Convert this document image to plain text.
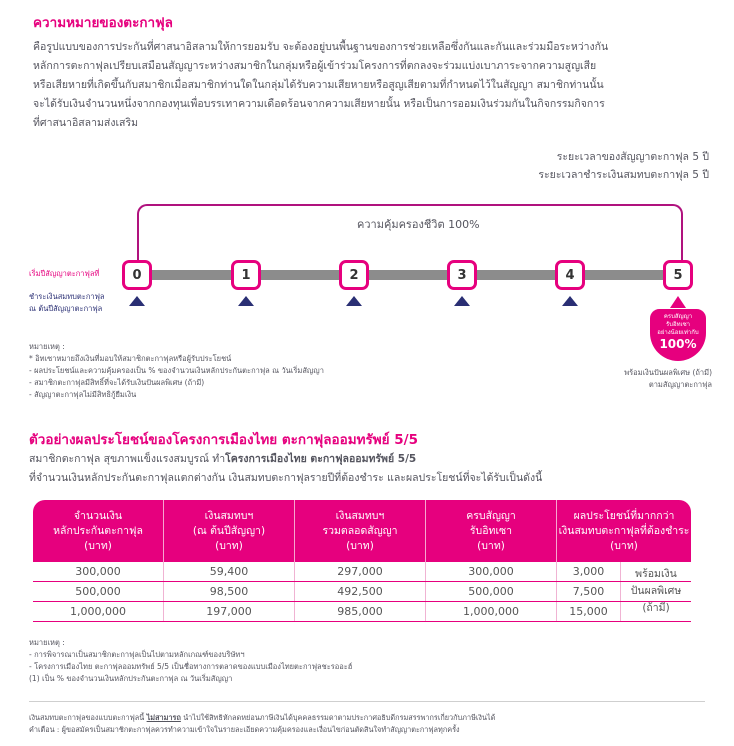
ความหมายของตะกาฟุล
คือรูปแบบของการประกันที่ศาสนาอิสลามให้การยอมรับ จะต้องอยู่บนพื้นฐานของการช่วยเหลือซึ่งกันและกันและร่วมมือระหว่างกัน
หลักการตะกาฟุลเปรียบเสมือนสัญญาระหว่างสมาชิกในกลุ่มหรือผู้เข้าร่วมโครงการที่ตกลงจะร่วมแบ่งเบาภาระจากความสูญเสีย
หรือเสียหายที่เกิดขึ้นกับสมาชิกเมื่อสมาชิกท่านใดในกลุ่มได้รับความเสียหายหรือสูญเสียตามที่กำหนดไว้ในสัญญา สมาชิกท่านนั้น
จะได้รับเงินจำนวนหนึ่งจากกองทุนเพื่อบรรเทาความเดือดร้อนจากความเสียหายนั้น หรือเป็นการออมเงินร่วมกันในกิจกรรมกิจการ
ที่ศาสนาอิสลามส่งเสริม
ระยะเวลาของสัญญาตะกาฟุล 5 ปี
ระยะเวลาชำระเงินสมทบตะกาฟุล 5 ปี
ความคุ้มครองชีวิต 100%
เริ่มปีสัญญาตะกาฟุลที่
ชำระเงินสมทบตะกาฟุล
ณ ต้นปีสัญญาตะกาฟุล
0	1	2	3	4	5
ครบสัญญา
รับอิทเซา
อย่างน้อยเท่ากับ
100%
พร้อมเงินปันผลพิเศษ (ถ้ามี)
ตามสัญญาตะกาฟุล
หมายเหตุ :
* อิทเซาหมายถึงเงินที่มอบให้สมาชิกตะกาฟุลหรือผู้รับประโยชน์
- ผลประโยชน์และความคุ้มครองเป็น % ของจำนวนเงินหลักประกันตะกาฟุล ณ วันเริ่มสัญญา
- สมาชิกตะกาฟุลมีสิทธิ์ที่จะได้รับเงินปันผลพิเศษ (ถ้ามี)
- สัญญาตะกาฟุลไม่มีสิทธิกู้ยืมเงิน
ตัวอย่างผลประโยชน์ของโครงการเมืองไทย ตะกาฟุลออมทรัพย์ 5/5
สมาชิกตะกาฟุล สุขภาพแข็งแรงสมบูรณ์ ทำโครงการเมืองไทย ตะกาฟุลออมทรัพย์ 5/5
ที่จำนวนเงินหลักประกันตะกาฟุลแตกต่างกัน เงินสมทบตะกาฟุลรายปีที่ต้องชำระ และผลประโยชน์ที่จะได้รับเป็นดังนี้
จำนวนเงิน
หลักประกันตะกาฟุล
(บาท)
เงินสมทบฯ
(ณ ต้นปีสัญญา)
(บาท)
เงินสมทบฯ
รวมตลอดสัญญา
(บาท)
ครบสัญญา
รับอิทเซา
(บาท)
ผลประโยชน์ที่มากกว่า
เงินสมทบตะกาฟุลที่ต้องชำระ
(บาท)
300,000	59,400	297,000	300,000	3,000
500,000	98,500	492,500	500,000	7,500
1,000,000	197,000	985,000	1,000,000	15,000
พร้อมเงิน
ปันผลพิเศษ
(ถ้ามี)
หมายเหตุ :
- การพิจารณาเป็นสมาชิกตะกาฟุลเป็นไปตามหลักเกณฑ์ของบริษัทฯ
- โครงการเมืองไทย ตะกาฟุลออมทรัพย์ 5/5 เป็นชื่อทางการตลาดของแบบเมืองไทยตะกาฟุลชะรออะฮ์
(1) เป็น % ของจำนวนเงินหลักประกันตะกาฟุล ณ วันเริ่มสัญญา
เงินสมทบตะกาฟุลของแบบตะกาฟุลนี้ ไม่สามารถ นำไปใช้สิทธิหักลดหย่อนภาษีเงินได้บุคคลธรรมดาตามประกาศอธิบดีกรมสรรพากรเกี่ยวกับภาษีเงินได้
คำเตือน : ผู้ขอสมัครเป็นสมาชิกตะกาฟุลควรทำความเข้าใจในรายละเอียดความคุ้มครองและเงื่อนไขก่อนตัดสินใจทำสัญญาตะกาฟุลทุกครั้ง
